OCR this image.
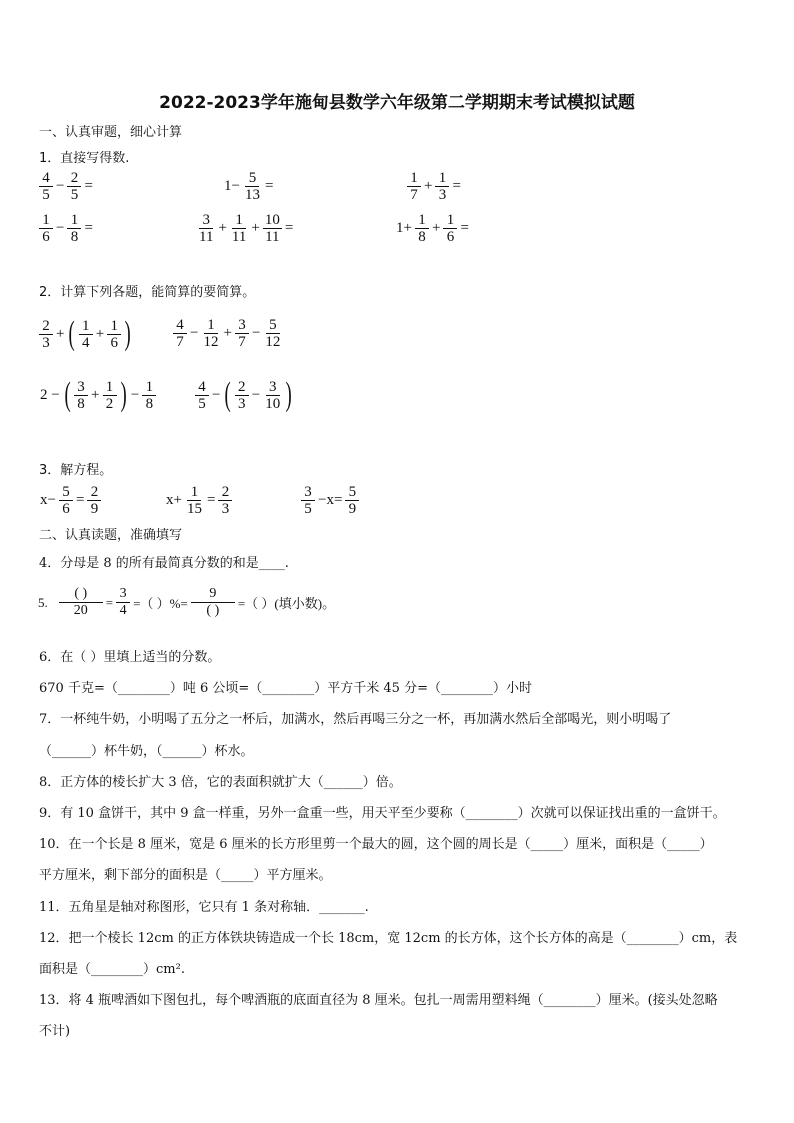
2022-2023学年施甸县数学六年级第二学期期末考试模拟试题
一、认真审题，细心计算
1．直接写得数.
$\frac{4}{5} - \frac{2}{5}$ =	$1- \frac{5}{13}$ =	$\frac{1}{7} + \frac{1}{3}$ =
$\frac{1}{6} - \frac{1}{8}$ =	$\frac{3}{11} + \frac{1}{11} + \frac{10}{11}$ =	$1+ \frac{1}{8} + \frac{1}{6}$ =
2．计算下列各题，能简算的要简算。
$\frac{2}{3}$ + ( $\frac{1}{4} + \frac{1}{6}$ )	$\frac{4}{7} - \frac{1}{12} + \frac{3}{7} - \frac{5}{12}$
2 − ( $\frac{3}{8} + \frac{1}{2}$ ) − $\frac{1}{8}$	$\frac{4}{5}$ − ( $\frac{2}{3} - \frac{3}{10}$ )
3．解方程。
$x- \frac{5}{6} = \frac{2}{9}$	$x+ \frac{1}{15} = \frac{2}{3}$	$\frac{3}{5} -x= \frac{5}{9}$
二、认真读题，准确填写
4．分母是 8 的所有最简真分数的和是____.
5. $\frac{( )}{20} = \frac{3}{4}$ =（ ）%= $\frac{9}{( )}$ =（ ）(填小数)。
6．在（ ）里填上适当的分数。
670 千克=（________）吨 6 公顷=（________）平方千米 45 分=（________）小时
7．一杯纯牛奶，小明喝了五分之一杯后，加满水，然后再喝三分之一杯，再加满水然后全部喝光，则小明喝了
（______）杯牛奶，（______）杯水。
8．正方体的棱长扩大 3 倍，它的表面积就扩大（______）倍。
9．有 10 盒饼干，其中 9 盒一样重，另外一盒重一些，用天平至少要称（________）次就可以保证找出重的一盒饼干。
10．在一个长是 8 厘米，宽是 6 厘米的长方形里剪一个最大的圆，这个圆的周长是（_____）厘米，面积是（_____）
平方厘米，剩下部分的面积是（_____）平方厘米。
11．五角星是轴对称图形，它只有 1 条对称轴．_______.
12．把一个棱长 12cm 的正方体铁块铸造成一个长 18cm，宽 12cm 的长方体，这个长方体的高是（________）cm，表
面积是（________）cm².
13．将 4 瓶啤酒如下图包扎，每个啤酒瓶的底面直径为 8 厘米。包扎一周需用塑料绳（________）厘米。(接头处忽略
不计)
